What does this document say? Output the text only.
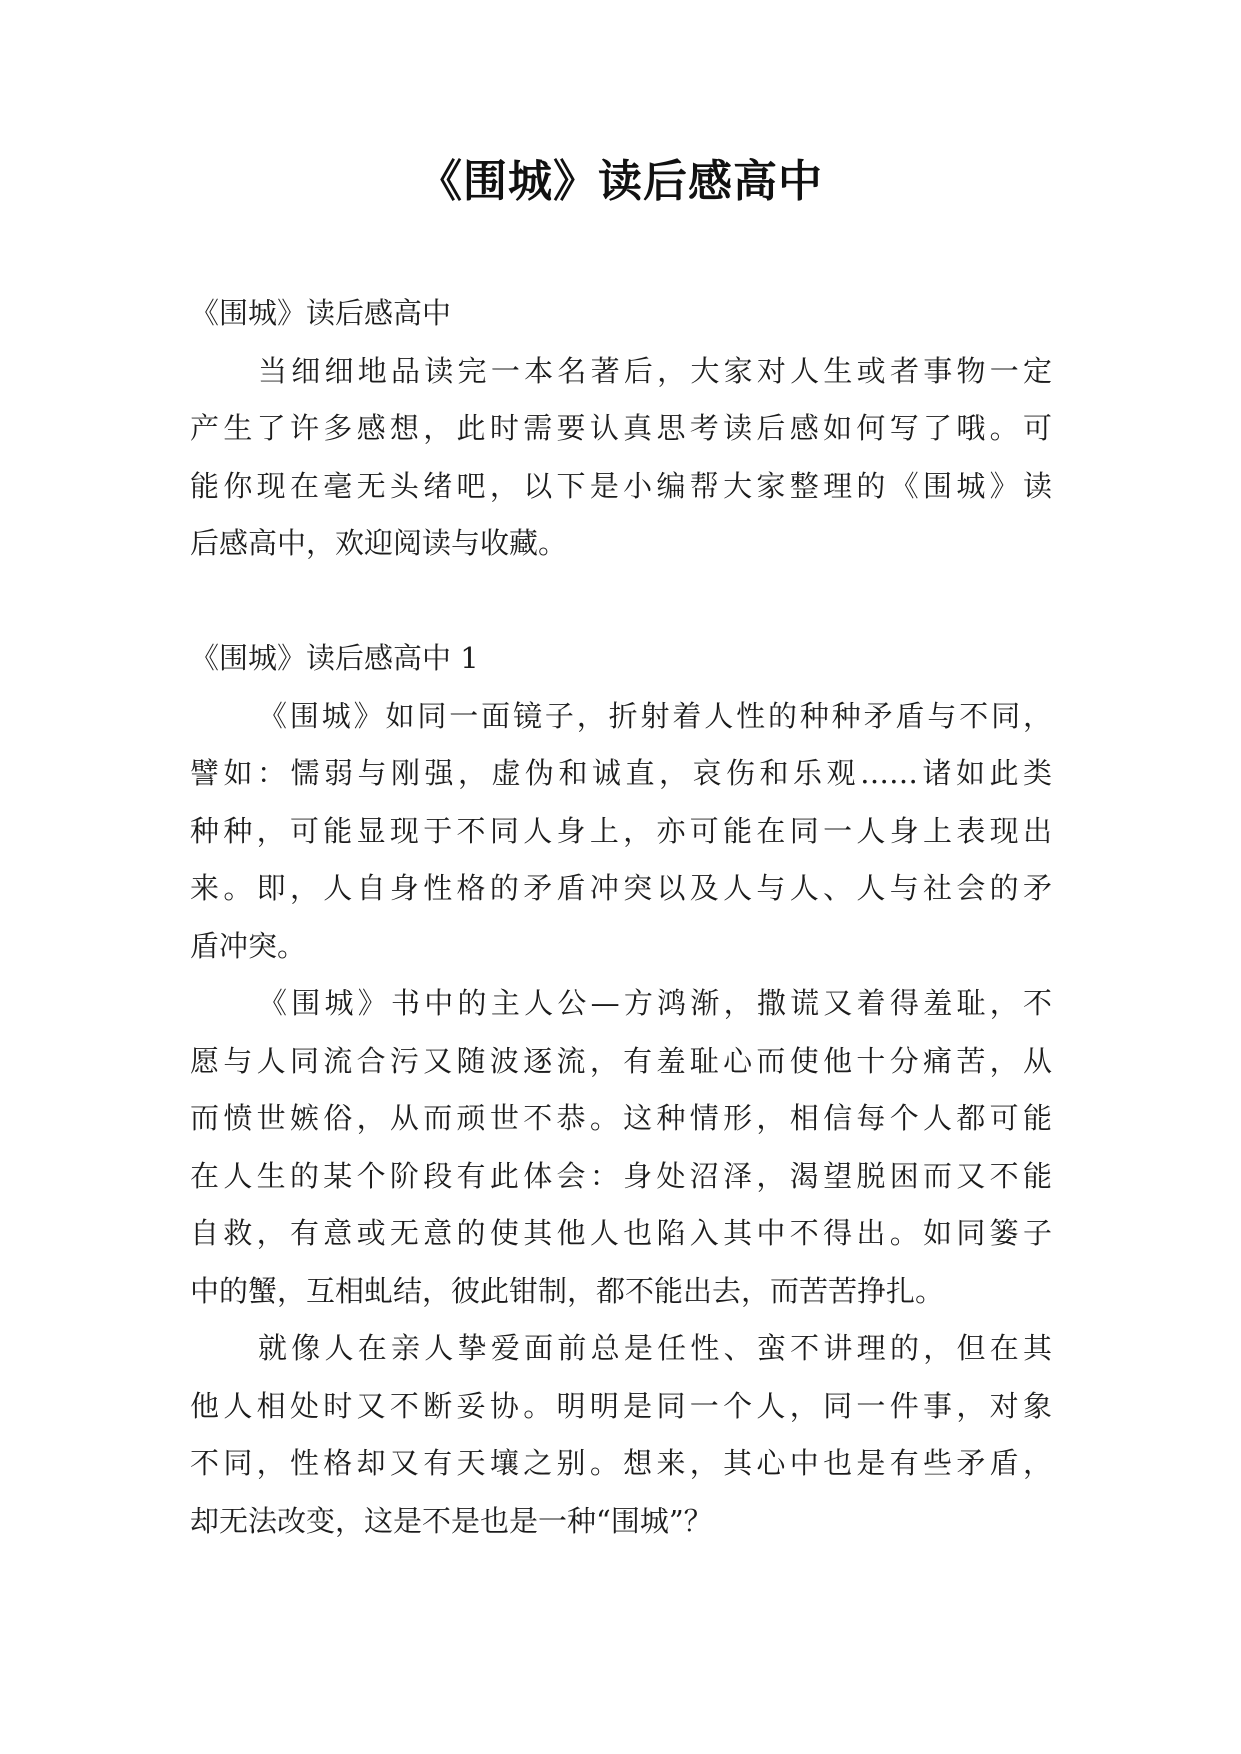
《围城》读后感高中
《围城》读后感高中
当细细地品读完一本名著后，大家对人生或者事物一定
产生了许多感想，此时需要认真思考读后感如何写了哦。可
能你现在毫无头绪吧，以下是小编帮大家整理的《围城》读
后感高中，欢迎阅读与收藏。
《围城》读后感高中 1
《围城》如同一面镜子，折射着人性的种种矛盾与不同，
譬如：懦弱与刚强，虚伪和诚直，哀伤和乐观……诸如此类
种种，可能显现于不同人身上，亦可能在同一人身上表现出
来。即，人自身性格的矛盾冲突以及人与人、人与社会的矛
盾冲突。
《围城》书中的主人公—方鸿渐，撒谎又着得羞耻，不
愿与人同流合污又随波逐流，有羞耻心而使他十分痛苦，从
而愤世嫉俗，从而顽世不恭。这种情形，相信每个人都可能
在人生的某个阶段有此体会：身处沼泽，渴望脱困而又不能
自救，有意或无意的使其他人也陷入其中不得出。如同篓子
中的蟹，互相虬结，彼此钳制，都不能出去，而苦苦挣扎。
就像人在亲人挚爱面前总是任性、蛮不讲理的，但在其
他人相处时又不断妥协。明明是同一个人，同一件事，对象
不同，性格却又有天壤之别。想来，其心中也是有些矛盾，
却无法改变，这是不是也是一种“围城”？
